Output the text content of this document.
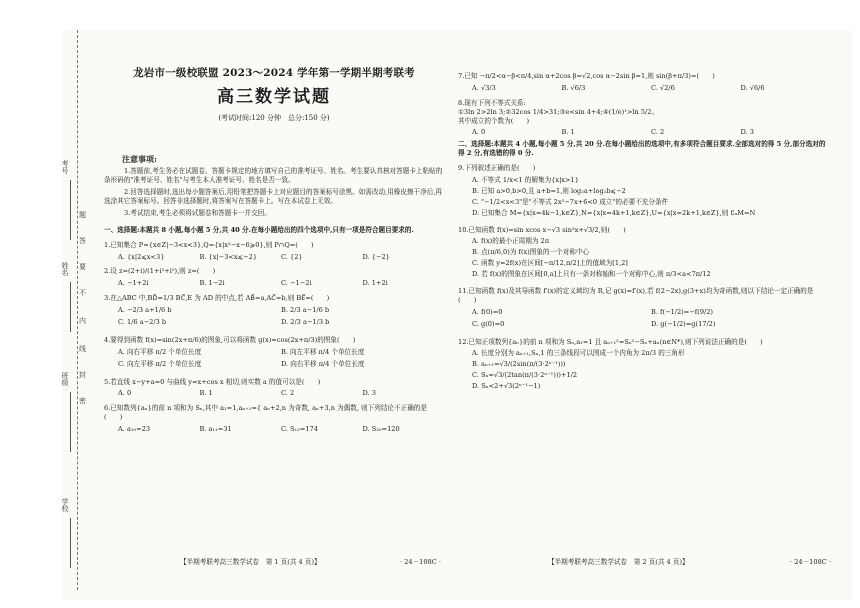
考号
姓名
班级
学校
题
答
要
不
内
线
封
密
龙岩市一级校联盟 2023～2024 学年第一学期半期考联考
高三数学试题
(考试时间:120 分钟　总分:150 分)
注意事项:

1.答题前,考生务必在试题卷、答题卡规定的地方填写自己的准考证号、姓名。考生要认真核对答题卡上粘贴的条形码的"准考证号、姓名"与考生本人准考证号、姓名是否一致。

2.回答选择题时,选出每小题答案后,用铅笔把答题卡上对应题目的答案标号涂黑。如需改动,用橡皮擦干净后,再选涂其它答案标号。回答非选择题时,将答案写在答题卡上。写在本试卷上无效。

3.考试结束,考生必须将试题卷和答题卡一并交回。

一、选择题:本题共 8 小题,每小题 5 分,共 40 分.在每小题给出的四个选项中,只有一项是符合题目要求的.
1.已知集合 P={x∈Z|−3<x<3},Q={x|x²−x−6⩾0},则 P∩Q=(　　)
A. {x|2⩽x<3}	B. {x|−3<x⩽−2}	C. {2}	D. {−2}
2.设 z=(2+i)/(1+i²+i⁵),则 z=(　　)
A. −1+2i	B. 1−2i	C. −1−2i	D. 1+2i
3.在△ABC 中,BD⃗=1/3 BC⃗,E 为 AD 的中点,若 AB⃗=a,AC⃗=b,则 BE⃗=(　　)
A. −2/3 a+1/6 b	B. 2/3 a−1/6 b
C. 1/6 a−2/3 b	D. 2/3 a−1/3 b
4.要得到函数 f(x)=sin(2x+π/6)的图象,可以将函数 g(x)=cos(2x+π/3)的图象(　　)
A. 向右平移 π/2 个单位长度	B. 向左平移 π/4 个单位长度
C. 向左平移 π/2 个单位长度	D. 向右平移 π/4 个单位长度
5.若直线 x−y+a=0 与曲线 y=x+cos x 相切,则实数 a 的值可以是(　　)
A. 0	B. 1	C. 2	D. 3
6.已知数列{aₙ}的前 n 项和为 Sₙ,其中 a₁=1,aₙ₊₁={ aₙ+2,n 为奇数, aₙ+3,n 为偶数, 则下列结论不正确的是(　　)
A. a₁₀=23	B. a₁₁=31	C. S₁₂=174	D. S₂₀=120
7.已知 −π/2<α−β<π/4,sin α+2cos β=√2,cos α−2sin β=1,则 sin(β+π/3)=(　　)
A. √3/3	B. √6/3	C. √2/6	D. √6/6
8.现有下列不等式关系:
①3ln 2>2ln 3;②32cos 1/4>31;③e<sin 4+4;④(1/e)¹>ln 5/2。
其中成立的个数为(　　)
A. 0	B. 1	C. 2	D. 3
二、选择题:本题共 4 小题,每小题 5 分,共 20 分.在每小题给出的选项中,有多项符合题目要求.全部选对的得 5 分,部分选对的得 2 分,有选错的得 0 分.
9.下列叙述正确的是(　　)
A. 不等式 1/x<1 的解集为{x|x>1}
B. 已知 a>0,b>0,且 a+b=1,则 log₂a+log₂b⩽−2
C. "−1/2<x<3"是"不等式 2x²−7x+6<0 成立"的必要不充分条件
D. 已知集合 M={x|x=4k−1,k∈Z},N={x|x=4k+1,k∈Z},U={x|x=2k+1,k∈Z},则 ∁ᵤM=N
10.已知函数 f(x)=sin xcos x−√3 sin²x+√3/2,则(　　)
A. f(x)的最小正周期为 2π
B. 点(π/6,0)为 f(x)图象的一个对称中心
C. 函数 y=2f(x)在区间[−π/12,π/2]上的值域为[1,2]
D. 若 f(x)的图象在区间[0,a]上只有一条对称轴和一个对称中心,则 π/3<a<7π/12
11.已知函数 f(x)及其导函数 f′(x)的定义域均为 R,记 g(x)=f′(x),若 f(2−2x),g(3+x)均为奇函数,则以下结论一定正确的是(　　)
A. f(0)=0	B. f(−1/2)=−f(9/2)
C. g(0)=0	D. g(−1/2)=g(17/2)
12.已知正项数列{aₙ}的前 n 项和为 Sₙ,a₁=1 且 aₙ₊₁²=Sₙ²−Sₙ+aₙ(n∈N*),则下列说法正确的是(　　)
A. 长度分别为 aₙ₊₁,Sₙ,1 的三条线段可以围成一个内角为 2π/3 的三角形
B. aₙ₊₁=√3/(2sin(π/(3·2ⁿ⁻¹)))
C. Sₙ=√3/(2tan(π/(3·2ⁿ⁻¹)))+1/2
D. Sₙ<2+√3(2ⁿ⁻¹−1)
【半期考联考高三数学试卷　第 1 页(共 4 页)】	· 24－108C ·	【半期考联考高三数学试卷　第 2 页(共 4 页)】	· 24－108C ·
